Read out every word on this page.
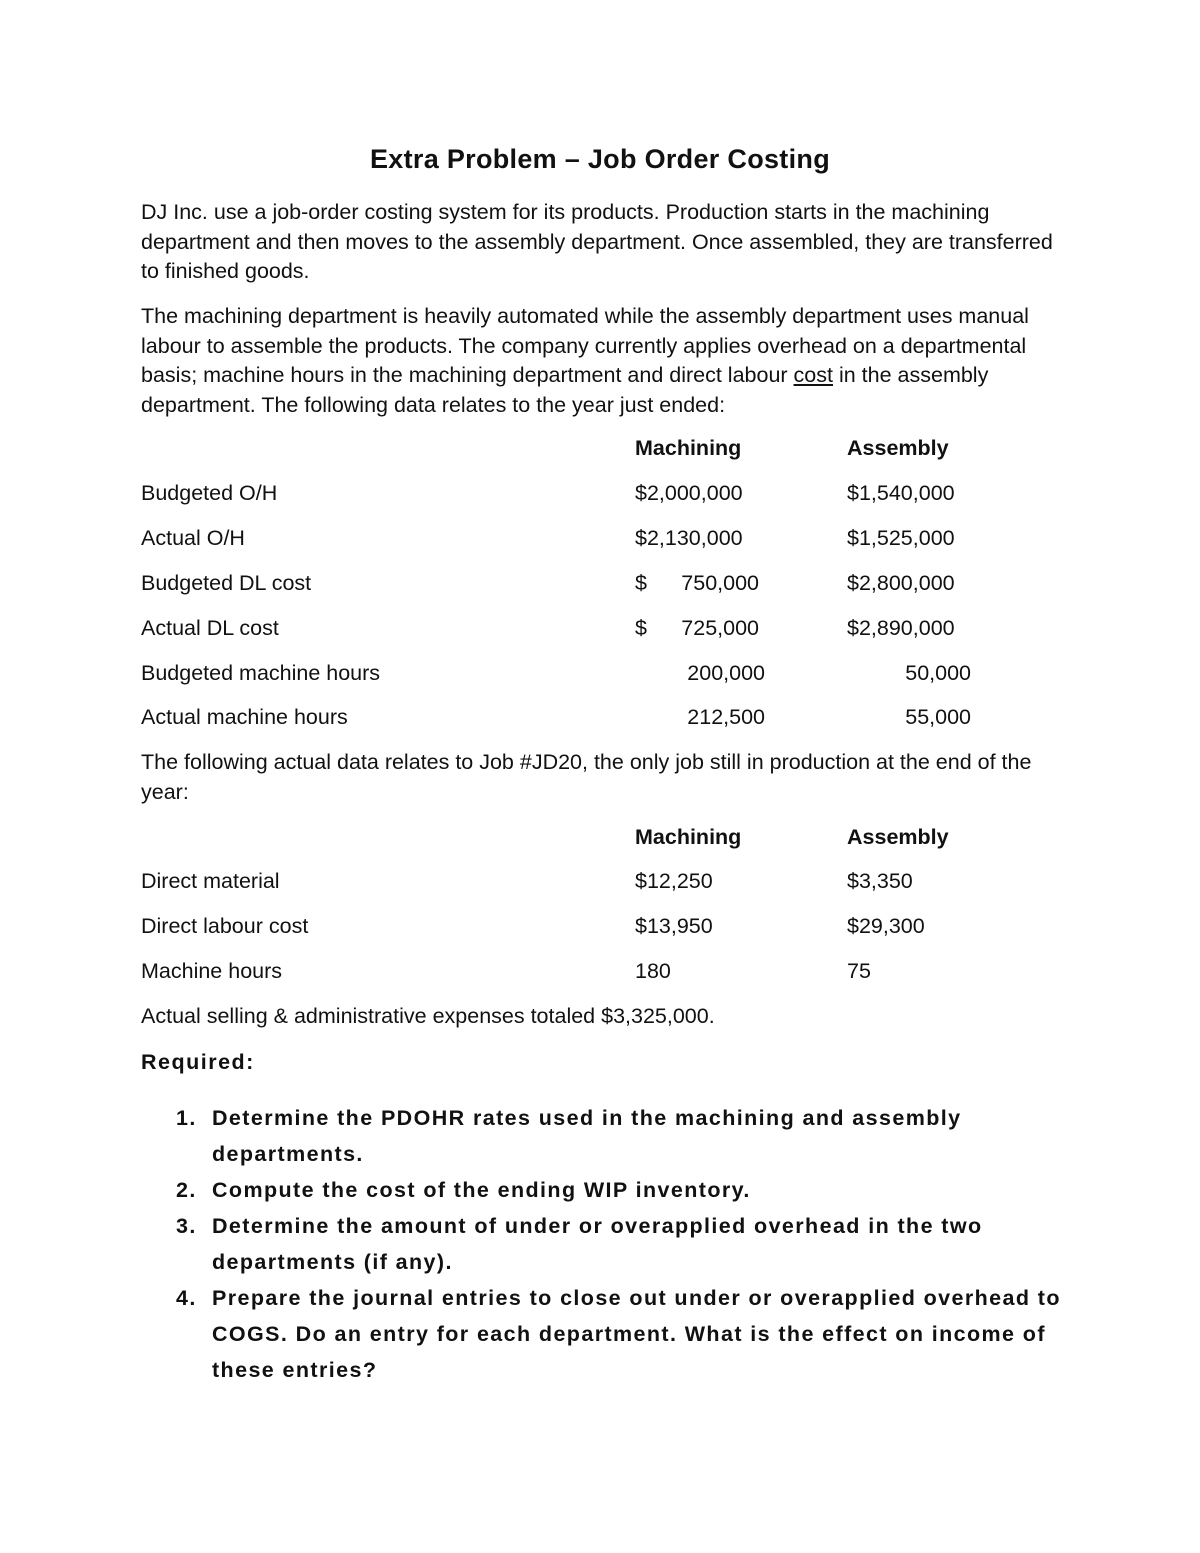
Extra Problem – Job Order Costing
DJ Inc. use a job-order costing system for its products. Production starts in the machining department and then moves to the assembly department. Once assembled, they are transferred to finished goods.
The machining department is heavily automated while the assembly department uses manual labour to assemble the products. The company currently applies overhead on a departmental basis; machine hours in the machining department and direct labour cost in the assembly department. The following data relates to the year just ended:
Machining	Assembly
Budgeted O/H	$2,000,000	$1,540,000
Actual O/H	$2,130,000	$1,525,000
Budgeted DL cost	$	750,000	$2,800,000
Actual DL cost	$	725,000	$2,890,000
Budgeted machine hours	200,000	50,000
Actual machine hours	212,500	55,000
The following actual data relates to Job #JD20, the only job still in production at the end of the year:
Machining	Assembly
Direct material	$12,250	$3,350
Direct labour cost	$13,950	$29,300
Machine hours	180	75
Actual selling & administrative expenses totaled $3,325,000.
Required:
1. Determine the PDOHR rates used in the machining and assembly departments.
2. Compute the cost of the ending WIP inventory.
3. Determine the amount of under or overapplied overhead in the two departments (if any).
4. Prepare the journal entries to close out under or overapplied overhead to COGS. Do an entry for each department. What is the effect on income of these entries?
